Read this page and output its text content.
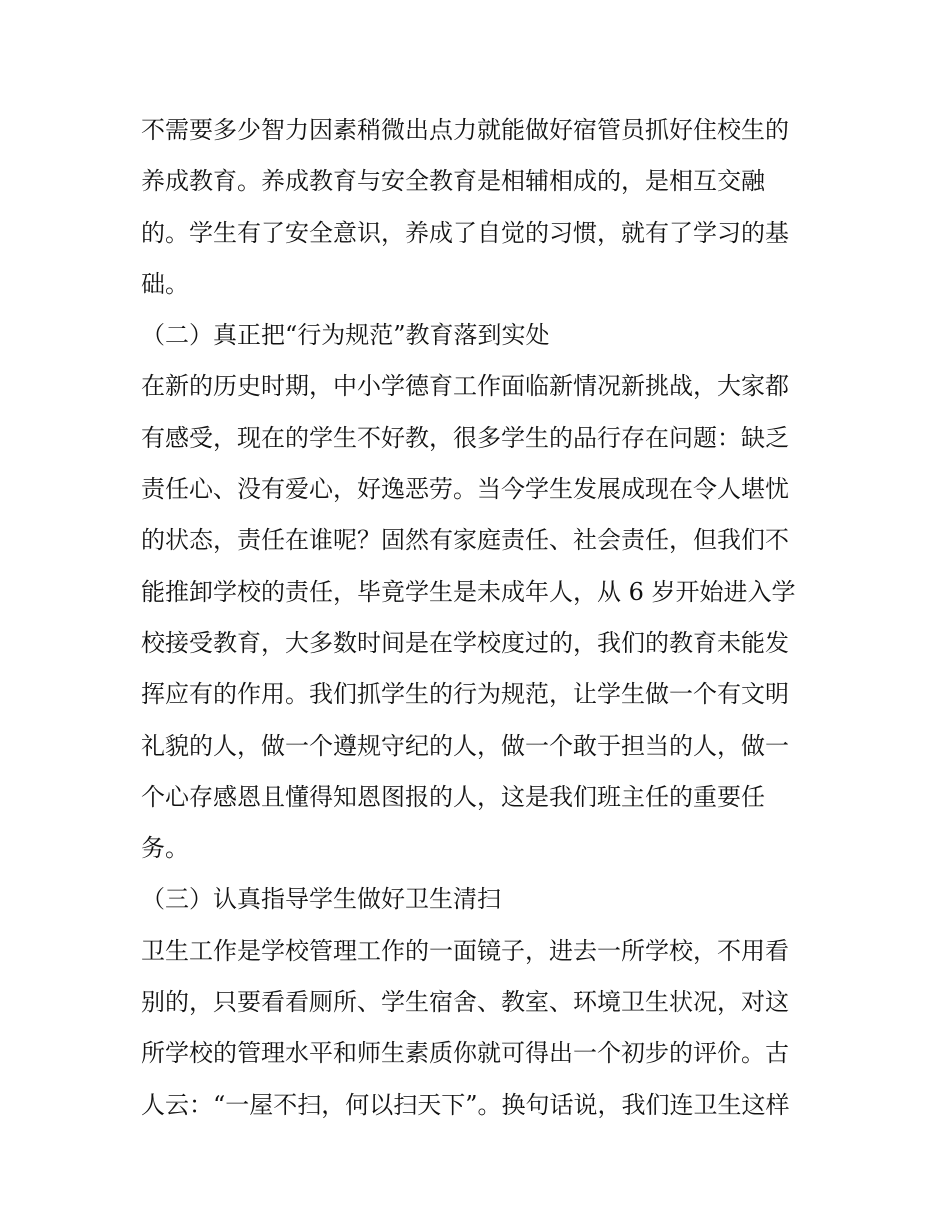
不需要多少智力因素稍微出点力就能做好宿管员抓好住校生的
养成教育。养成教育与安全教育是相辅相成的，是相互交融
的。学生有了安全意识，养成了自觉的习惯，就有了学习的基
础。
（二）真正把“行为规范”教育落到实处
在新的历史时期，中小学德育工作面临新情况新挑战，大家都
有感受，现在的学生不好教，很多学生的品行存在问题：缺乏
责任心、没有爱心，好逸恶劳。当今学生发展成现在令人堪忧
的状态，责任在谁呢？固然有家庭责任、社会责任，但我们不
能推卸学校的责任，毕竟学生是未成年人，从 6 岁开始进入学
校接受教育，大多数时间是在学校度过的，我们的教育未能发
挥应有的作用。我们抓学生的行为规范，让学生做一个有文明
礼貌的人，做一个遵规守纪的人，做一个敢于担当的人，做一
个心存感恩且懂得知恩图报的人，这是我们班主任的重要任
务。
（三）认真指导学生做好卫生清扫
卫生工作是学校管理工作的一面镜子，进去一所学校，不用看
别的，只要看看厕所、学生宿舍、教室、环境卫生状况，对这
所学校的管理水平和师生素质你就可得出一个初步的评价。古
人云：“一屋不扫，何以扫天下”。换句话说，我们连卫生这样
